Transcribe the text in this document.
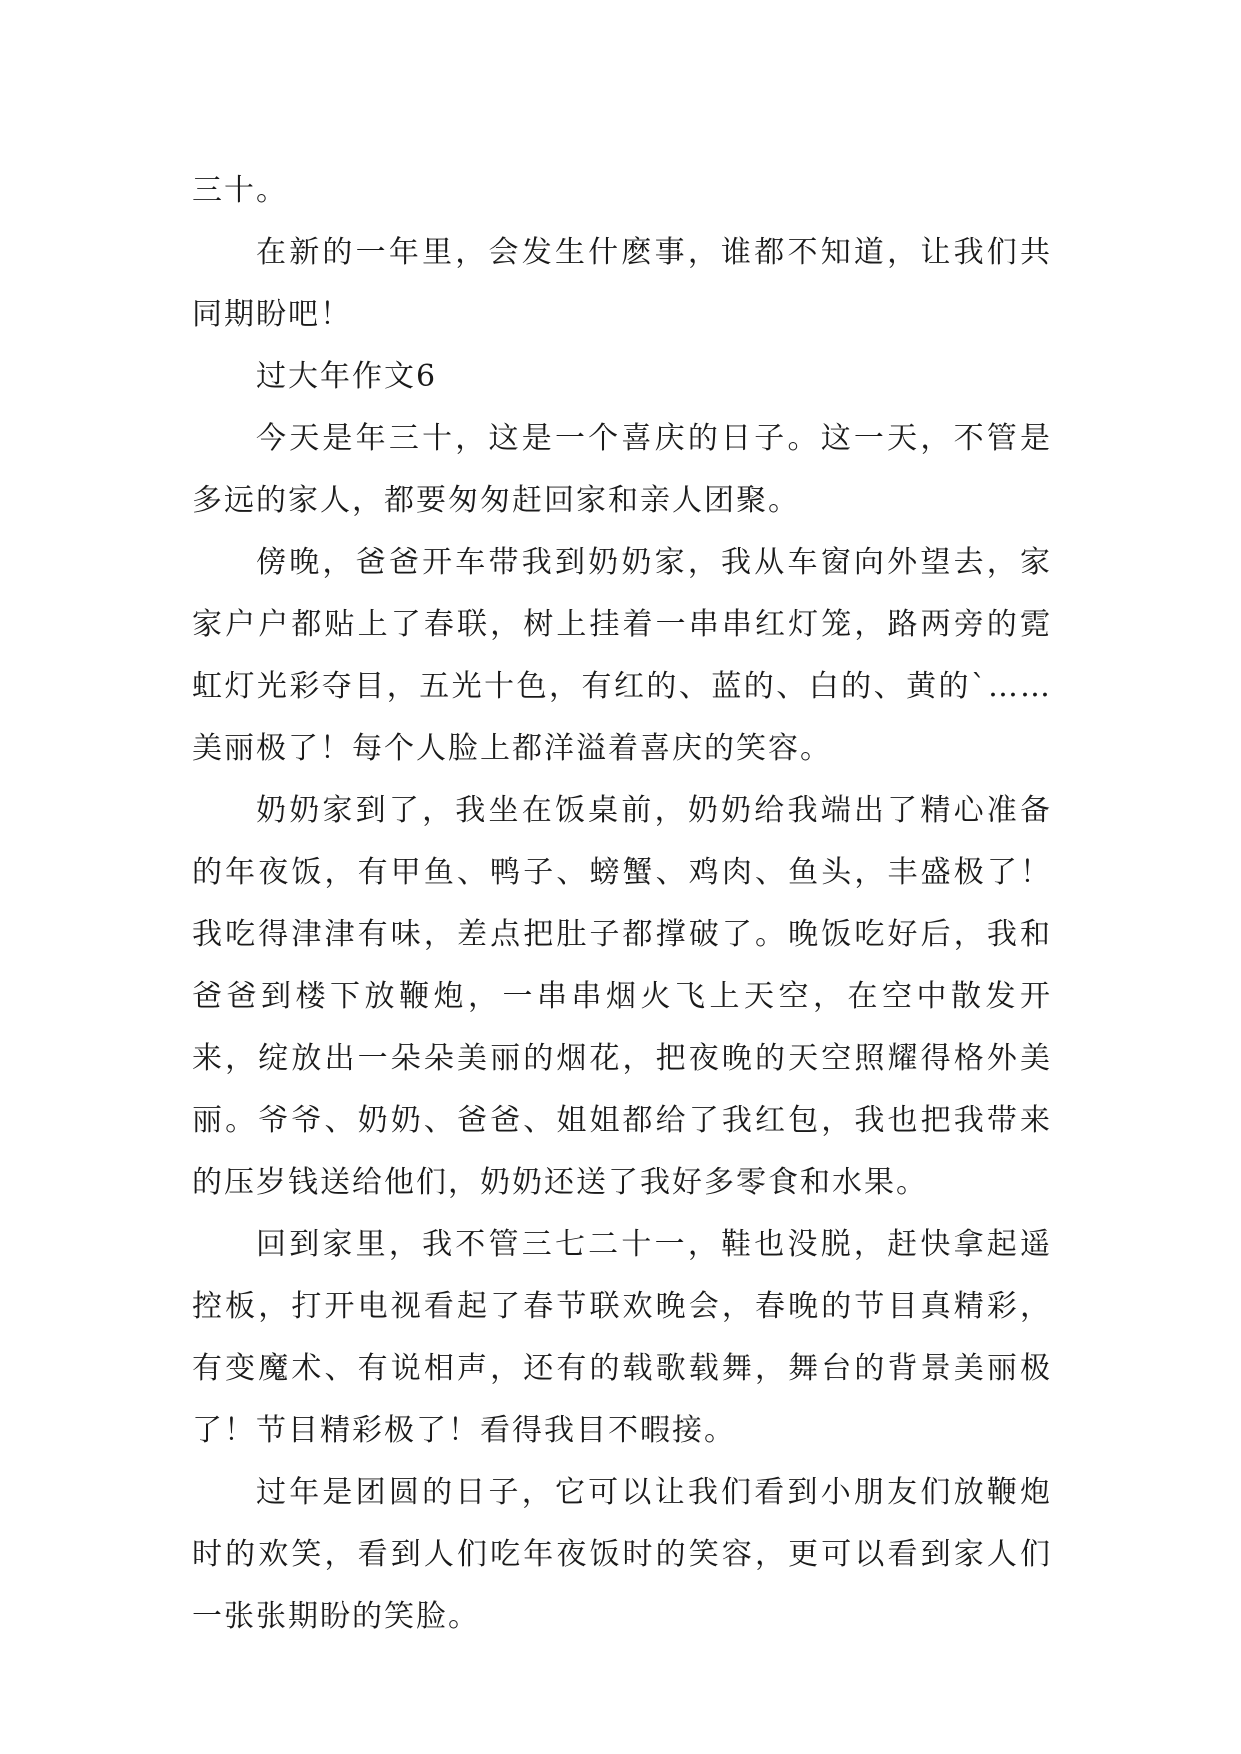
三十。

在新的一年里，会发生什麽事，谁都不知道，让我们共同期盼吧！

过大年作文6

今天是年三十，这是一个喜庆的日子。这一天，不管是多远的家人，都要匆匆赶回家和亲人团聚。

傍晚，爸爸开车带我到奶奶家，我从车窗向外望去，家家户户都贴上了春联，树上挂着一串串红灯笼，路两旁的霓虹灯光彩夺目，五光十色，有红的、蓝的、白的、黄的`……美丽极了！每个人脸上都洋溢着喜庆的笑容。

奶奶家到了，我坐在饭桌前，奶奶给我端出了精心准备的年夜饭，有甲鱼、鸭子、螃蟹、鸡肉、鱼头，丰盛极了！我吃得津津有味，差点把肚子都撑破了。晚饭吃好后，我和爸爸到楼下放鞭炮，一串串烟火飞上天空，在空中散发开来，绽放出一朵朵美丽的烟花，把夜晚的天空照耀得格外美丽。爷爷、奶奶、爸爸、姐姐都给了我红包，我也把我带来的压岁钱送给他们，奶奶还送了我好多零食和水果。

回到家里，我不管三七二十一，鞋也没脱，赶快拿起遥控板，打开电视看起了春节联欢晚会，春晚的节目真精彩，有变魔术、有说相声，还有的载歌载舞，舞台的背景美丽极了！节目精彩极了！看得我目不暇接。

过年是团圆的日子，它可以让我们看到小朋友们放鞭炮时的欢笑，看到人们吃年夜饭时的笑容，更可以看到家人们一张张期盼的笑脸。
